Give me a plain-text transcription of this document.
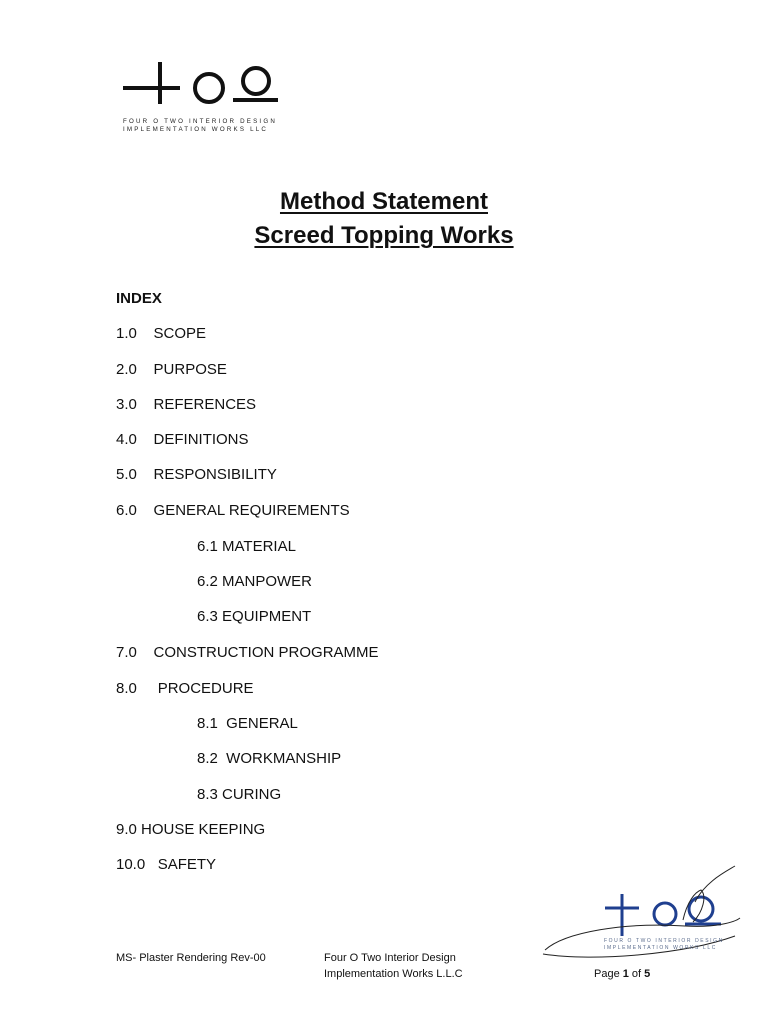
FOUR O TWO INTERIOR DESIGN
IMPLEMENTATION WORKS LLC
Method Statement
Screed Topping Works
INDEX
1.0    SCOPE
2.0    PURPOSE
3.0    REFERENCES
4.0    DEFINITIONS
5.0    RESPONSIBILITY
6.0    GENERAL REQUIREMENTS
6.1 MATERIAL
6.2 MANPOWER
6.3 EQUIPMENT
7.0    CONSTRUCTION PROGRAMME
8.0     PROCEDURE
8.1  GENERAL
8.2  WORKMANSHIP
8.3 CURING
9.0 HOUSE KEEPING
10.0   SAFETY
FOUR O TWO INTERIOR DESIGN
IMPLEMENTATION WORKS LLC
MS- Plaster Rendering Rev-00	Four O Two Interior Design
Implementation Works L.L.C	Page 1 of 5
